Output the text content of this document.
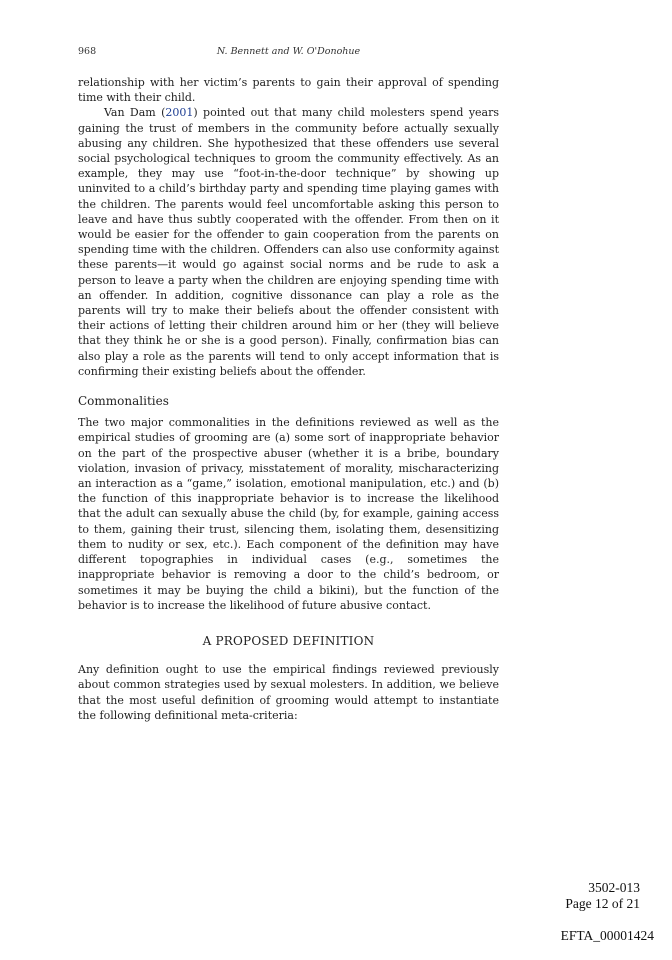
968	N. Bennett and W. O'Donohue

relationship with her victim’s parents to gain their approval of spending time with their child.

Van Dam (2001) pointed out that many child molesters spend years gaining the trust of members in the community before actually sexually abusing any children. She hypothesized that these offenders use several social psychological techniques to groom the community effectively. As an example, they may use “foot-in-the-door technique” by showing up uninvited to a child’s birthday party and spending time playing games with the children. The parents would feel uncomfortable asking this person to leave and have thus subtly cooperated with the offender. From then on it would be easier for the offender to gain cooperation from the parents on spending time with the children. Offenders can also use conformity against these parents—it would go against social norms and be rude to ask a person to leave a party when the children are enjoying spending time with an offender. In addition, cognitive dissonance can play a role as the parents will try to make their beliefs about the offender consistent with their actions of letting their children around him or her (they will believe that they think he or she is a good person). Finally, confirmation bias can also play a role as the parents will tend to only accept information that is confirming their existing beliefs about the offender.

Commonalities

The two major commonalities in the definitions reviewed as well as the empirical studies of grooming are (a) some sort of inappropriate behavior on the part of the prospective abuser (whether it is a bribe, boundary violation, invasion of privacy, misstatement of morality, mischaracterizing an interaction as a “game,” isolation, emotional manipulation, etc.) and (b) the function of this inappropriate behavior is to increase the likelihood that the adult can sexually abuse the child (by, for example, gaining access to them, gaining their trust, silencing them, isolating them, desensitizing them to nudity or sex, etc.). Each component of the definition may have different topographies in individual cases (e.g., sometimes the inappropriate behavior is removing a door to the child’s bedroom, or sometimes it may be buying the child a bikini), but the function of the behavior is to increase the likelihood of future abusive contact.

A PROPOSED DEFINITION

Any definition ought to use the empirical findings reviewed previously about common strategies used by sexual molesters. In addition, we believe that the most useful definition of grooming would attempt to instantiate the following definitional meta-criteria:

3502-013
Page 12 of 21
EFTA_00001424
